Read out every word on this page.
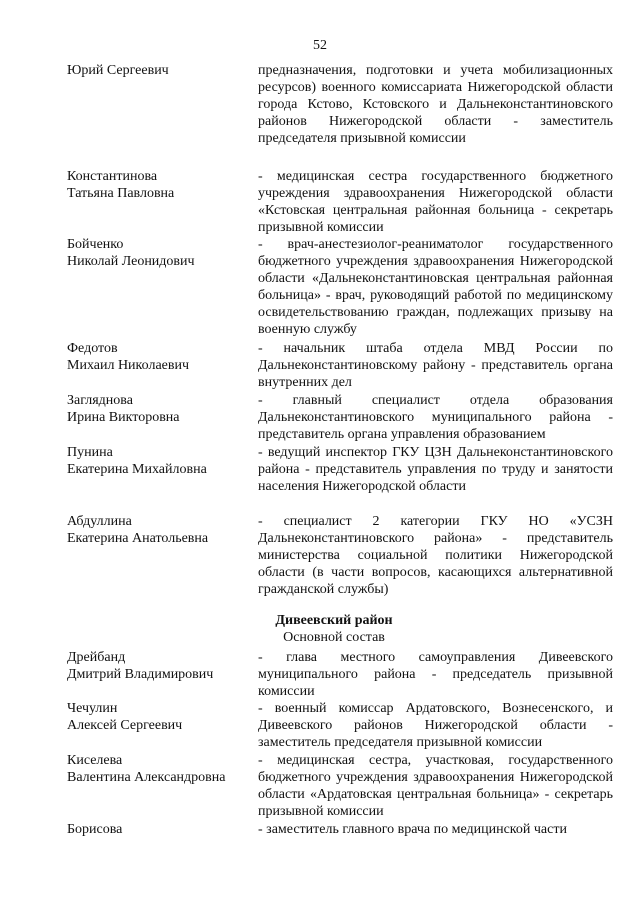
52
Юрий Сергеевич	предназначения, подготовки и учета мобилизационных ресурсов) военного комиссариата Нижегородской области города Кстово, Кстовского и Дальнеконстантиновского районов Нижегородской области - заместитель председателя призывной комиссии
Константинова
Татьяна Павловна
- медицинская сестра государственного бюджетного учреждения здравоохранения Нижегородской области «Кстовская центральная районная больница - секретарь призывной комиссии
Бойченко
Николай Леонидович
- врач-анестезиолог-реаниматолог государственного бюджетного учреждения здравоохранения Нижегородской области «Дальнеконстантиновская центральная районная больница» - врач, руководящий работой по медицинскому освидетельствованию граждан, подлежащих призыву на военную службу
Федотов
Михаил Николаевич
- начальник штаба отдела МВД России по Дальнеконстантиновскому району - представитель органа внутренних дел
Загляднова
Ирина Викторовна
- главный специалист отдела образования Дальнеконстантиновского муниципального района - представитель органа управления образованием
Пунина
Екатерина Михайловна
- ведущий инспектор ГКУ ЦЗН Дальнеконстантиновского района - представитель управления по труду и занятости населения Нижегородской области
Абдуллина
Екатерина Анатольевна
- специалист 2 категории ГКУ НО «УСЗН Дальнеконстантиновского района» - представитель министерства социальной политики Нижегородской области (в части вопросов, касающихся альтернативной гражданской службы)
Дивеевский район
Основной состав
Дрейбанд
Дмитрий Владимирович
- глава местного самоуправления Дивеевского муниципального района - председатель призывной комиссии
Чечулин
Алексей Сергеевич
- военный комиссар Ардатовского, Вознесенского, и Дивеевского районов Нижегородской области - заместитель председателя призывной комиссии
Киселева
Валентина Александровна
- медицинская сестра, участковая, государственного бюджетного учреждения здравоохранения Нижегородской области «Ардатовская центральная больница» - секретарь призывной комиссии
Борисова	- заместитель главного врача по медицинской части
